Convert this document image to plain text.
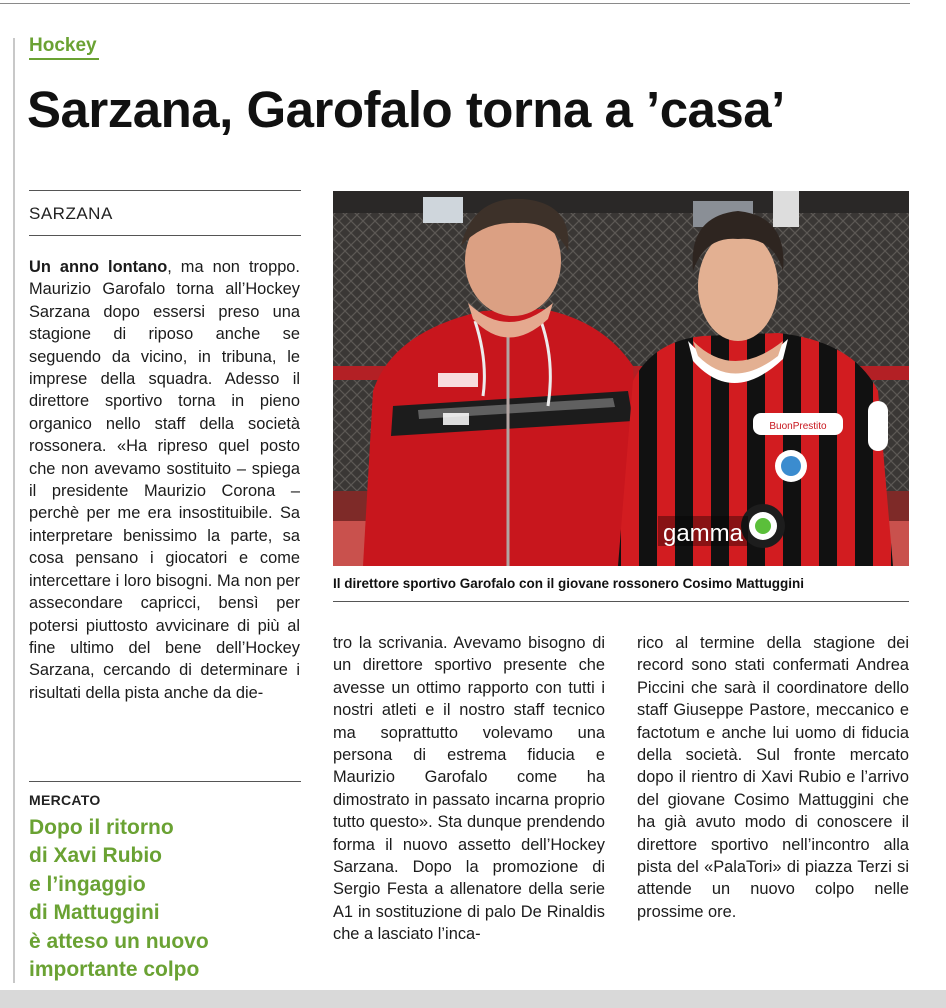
Hockey
Sarzana, Garofalo torna a ’casa’
SARZANA

Un anno lontano, ma non troppo. Maurizio Garofalo torna all’Hockey Sarzana dopo essersi preso una stagione di riposo anche se seguendo da vicino, in tribuna, le imprese della squadra. Adesso il direttore sportivo torna in pieno organico nello staff della società rossonera. «Ha ripreso quel posto che non avevamo sostituito – spiega il presidente Maurizio Corona – perchè per me era insostituibile. Sa interpretare benissimo la parte, sa cosa pensano i giocatori e come intercettare i loro bisogni. Ma non per assecondare capricci, bensì per potersi piuttosto avvicinare di più al fine ultimo del bene dell’Hockey Sarzana, cercando di determinare i risultati della pista anche da die-

BuonPrestito
gamma
Il direttore sportivo Garofalo con il giovane rossonero Cosimo Mattuggini

tro la scrivania. Avevamo bisogno di un direttore sportivo presente che avesse un ottimo rapporto con tutti i nostri atleti e il nostro staff tecnico ma soprattutto volevamo una persona di estrema fiducia e Maurizio Garofalo come ha dimostrato in passato incarna proprio tutto questo». Sta dunque prendendo forma il nuovo assetto dell’Hockey Sarzana. Dopo la promozione di Sergio Festa a allenatore della serie A1 in sostituzione di palo De Rinaldis che a lasciato l’inca-

rico al termine della stagione dei record sono stati confermati Andrea Piccini che sarà il coordinatore dello staff Giuseppe Pastore, meccanico e factotum e anche lui uomo di fiducia della società. Sul fronte mercato dopo il rientro di Xavi Rubio e l’arrivo del giovane Cosimo Mattuggini che ha già avuto modo di conoscere il direttore sportivo nell’incontro alla pista del «PalaTori» di piazza Terzi si attende un nuovo colpo nelle prossime ore.

MERCATO
Dopo il ritorno
di Xavi Rubio
e l’ingaggio
di Mattuggini
è atteso un nuovo
importante colpo
